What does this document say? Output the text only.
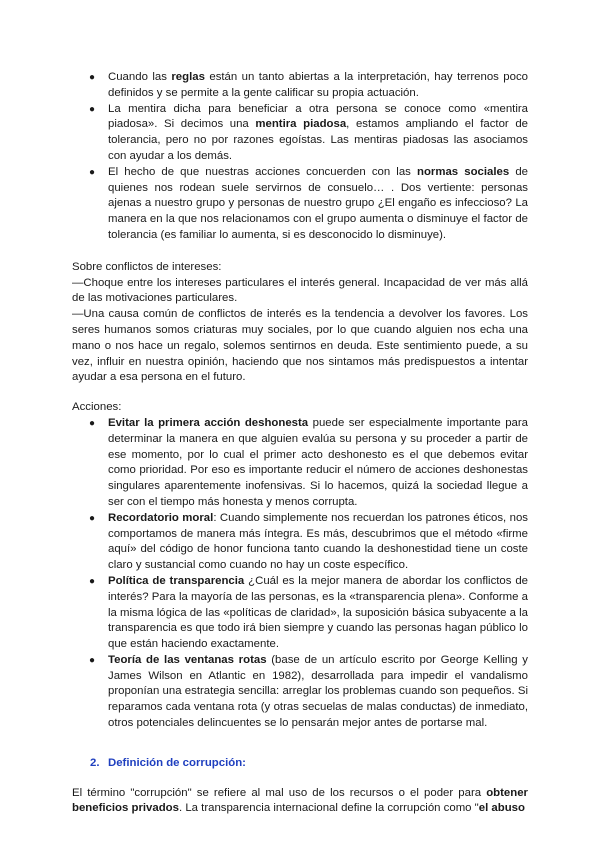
● Cuando las reglas están un tanto abiertas a la interpretación, hay terrenos poco definidos y se permite a la gente calificar su propia actuación.
● La mentira dicha para beneficiar a otra persona se conoce como «mentira piadosa». Si decimos una mentira piadosa, estamos ampliando el factor de tolerancia, pero no por razones egoístas. Las mentiras piadosas las asociamos con ayudar a los demás.
● El hecho de que nuestras acciones concuerden con las normas sociales de quienes nos rodean suele servirnos de consuelo… . Dos vertiente: personas ajenas a nuestro grupo y personas de nuestro grupo ¿El engaño es infeccioso? La manera en la que nos relacionamos con el grupo aumenta o disminuye el factor de tolerancia (es familiar lo aumenta, si es desconocido lo disminuye).

Sobre conflictos de intereses:

—Choque entre los intereses particulares el interés general. Incapacidad de ver más allá de las motivaciones particulares.

—Una causa común de conflictos de interés es la tendencia a devolver los favores. Los seres humanos somos criaturas muy sociales, por lo que cuando alguien nos echa una mano o nos hace un regalo, solemos sentirnos en deuda. Este sentimiento puede, a su vez, influir en nuestra opinión, haciendo que nos sintamos más predispuestos a intentar ayudar a esa persona en el futuro.

Acciones:

● Evitar la primera acción deshonesta puede ser especialmente importante para determinar la manera en que alguien evalúa su persona y su proceder a partir de ese momento, por lo cual el primer acto deshonesto es el que debemos evitar como prioridad. Por eso es importante reducir el número de acciones deshonestas singulares aparentemente inofensivas. Si lo hacemos, quizá la sociedad llegue a ser con el tiempo más honesta y menos corrupta.
● Recordatorio moral: Cuando simplemente nos recuerdan los patrones éticos, nos comportamos de manera más íntegra. Es más, descubrimos que el método «firme aquí» del código de honor funciona tanto cuando la deshonestidad tiene un coste claro y sustancial como cuando no hay un coste específico.
● Política de transparencia ¿Cuál es la mejor manera de abordar los conflictos de interés? Para la mayoría de las personas, es la «transparencia plena». Conforme a la misma lógica de las «políticas de claridad», la suposición básica subyacente a la transparencia es que todo irá bien siempre y cuando las personas hagan público lo que están haciendo exactamente.
● Teoría de las ventanas rotas (base de un artículo escrito por George Kelling y James Wilson en Atlantic en 1982), desarrollada para impedir el vandalismo proponían una estrategia sencilla: arreglar los problemas cuando son pequeños. Si reparamos cada ventana rota (y otras secuelas de malas conductas) de inmediato, otros potenciales delincuentes se lo pensarán mejor antes de portarse mal.

2. Definición de corrupción:

El término "corrupción" se refiere al mal uso de los recursos o el poder para obtener beneficios privados. La transparencia internacional define la corrupción como "el abuso
